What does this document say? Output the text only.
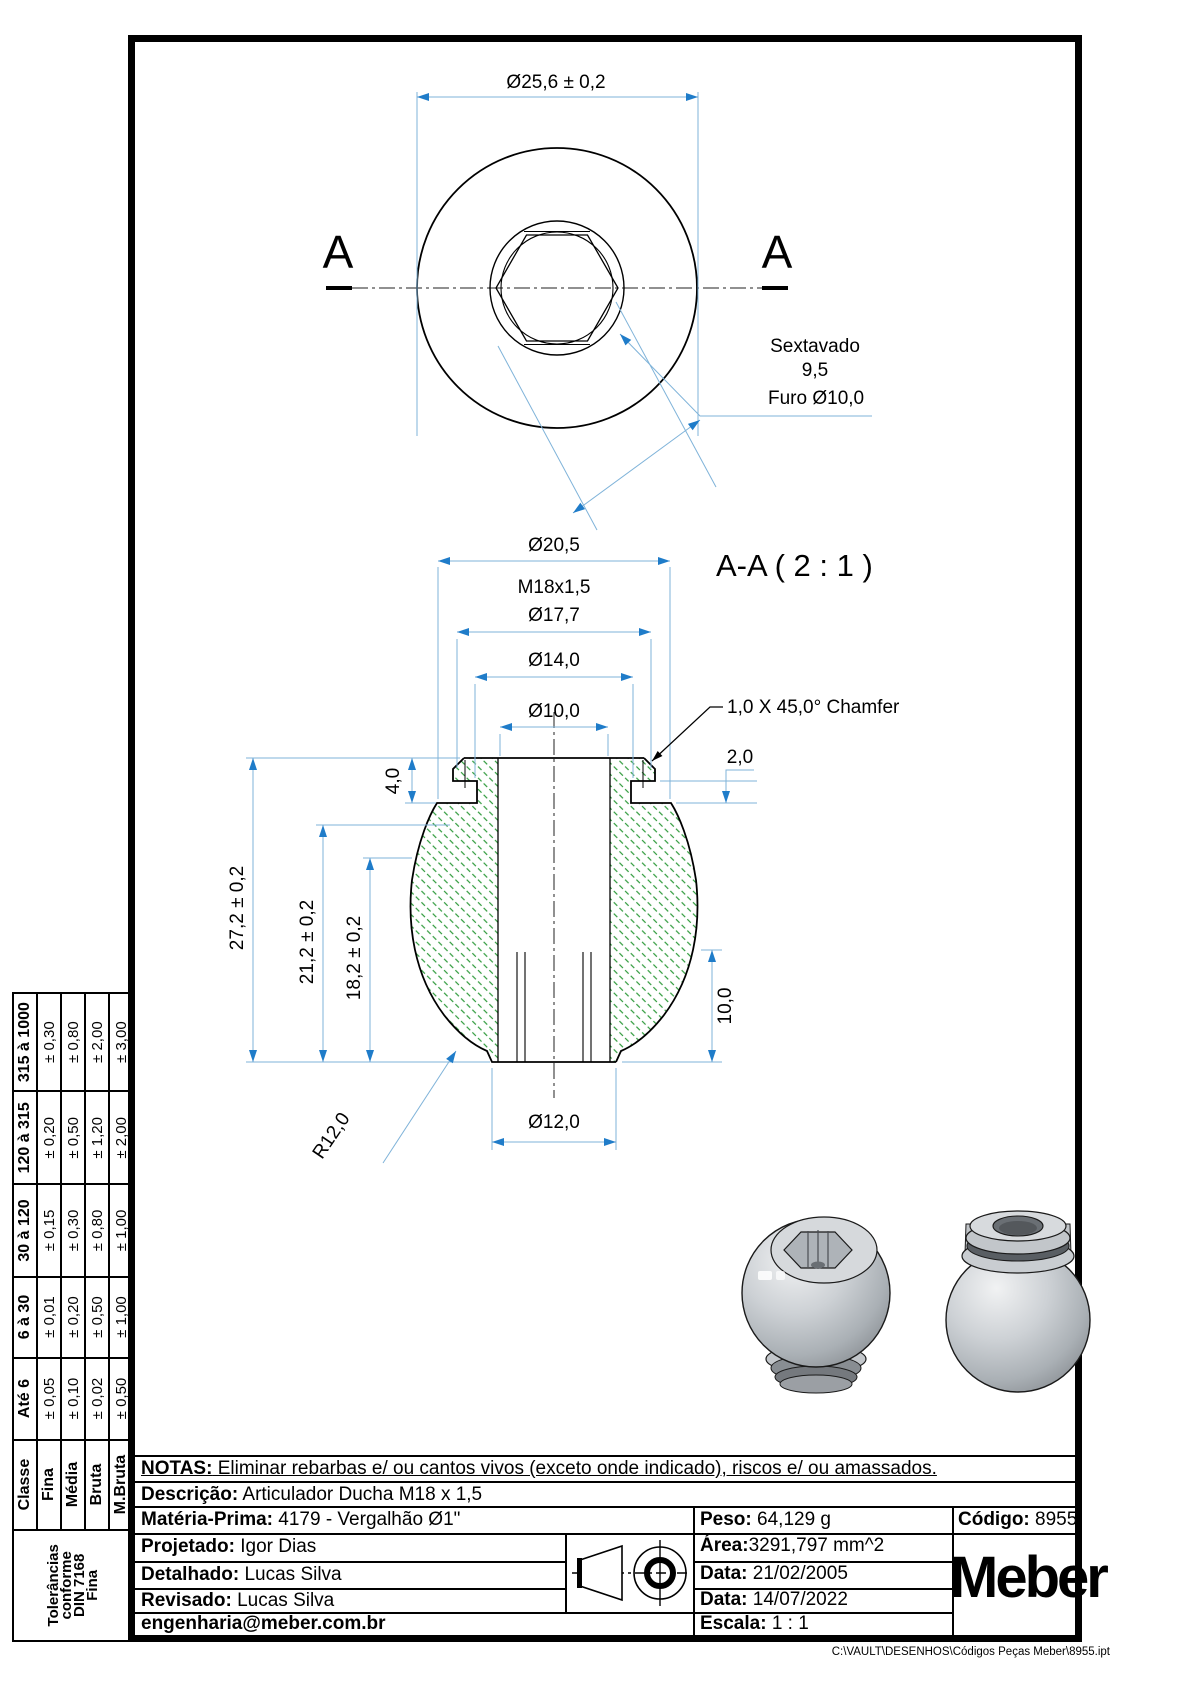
A	A
Ø25,6 ± 0,2
Sextavado
9,5
Furo Ø10,0
A-A ( 2 : 1 )
Ø20,5
M18x1,5
Ø17,7
Ø14,0
Ø10,0	1,0 X 45,0° Chamfer
2,0
4,0
27,2 ± 0,2	21,2 ± 0,2 18,2 ± 0,2
10,0
Ø12,0
R12,0
Tolerâncias
conforme
DIN 7168
Fina	Classe	Até 6	6 à 30	30 à 120	120 à 315	315 à 1000
	Fina	± 0,05	± 0,01	± 0,15	± 0,20	± 0,30
	Média	± 0,10	± 0,20	± 0,30	± 0,50	± 0,80
	Bruta	± 0,02	± 0,50	± 0,80	± 1,20	± 2,00
	M.Bruta	± 0,50	± 1,00	± 1,00	± 2,00	± 3,00
NOTAS: Eliminar rebarbas e/ ou cantos vivos (exceto onde indicado), riscos e/ ou amassados.
Descrição: Articulador Ducha M18 x 1,5
Matéria-Prima: 4179 - Vergalhão Ø1"	Peso: 64,129 g	Código: 8955
Projetado: Igor Dias	Área:3291,797 mm^2
Detalhado: Lucas Silva	Data: 21/02/2005
Revisado: Lucas Silva	Data: 14/07/2022
engenharia@meber.com.br	Escala: 1 : 1
Meber
C:\VAULT\DESENHOS\Códigos Peças Meber\8955.ipt
